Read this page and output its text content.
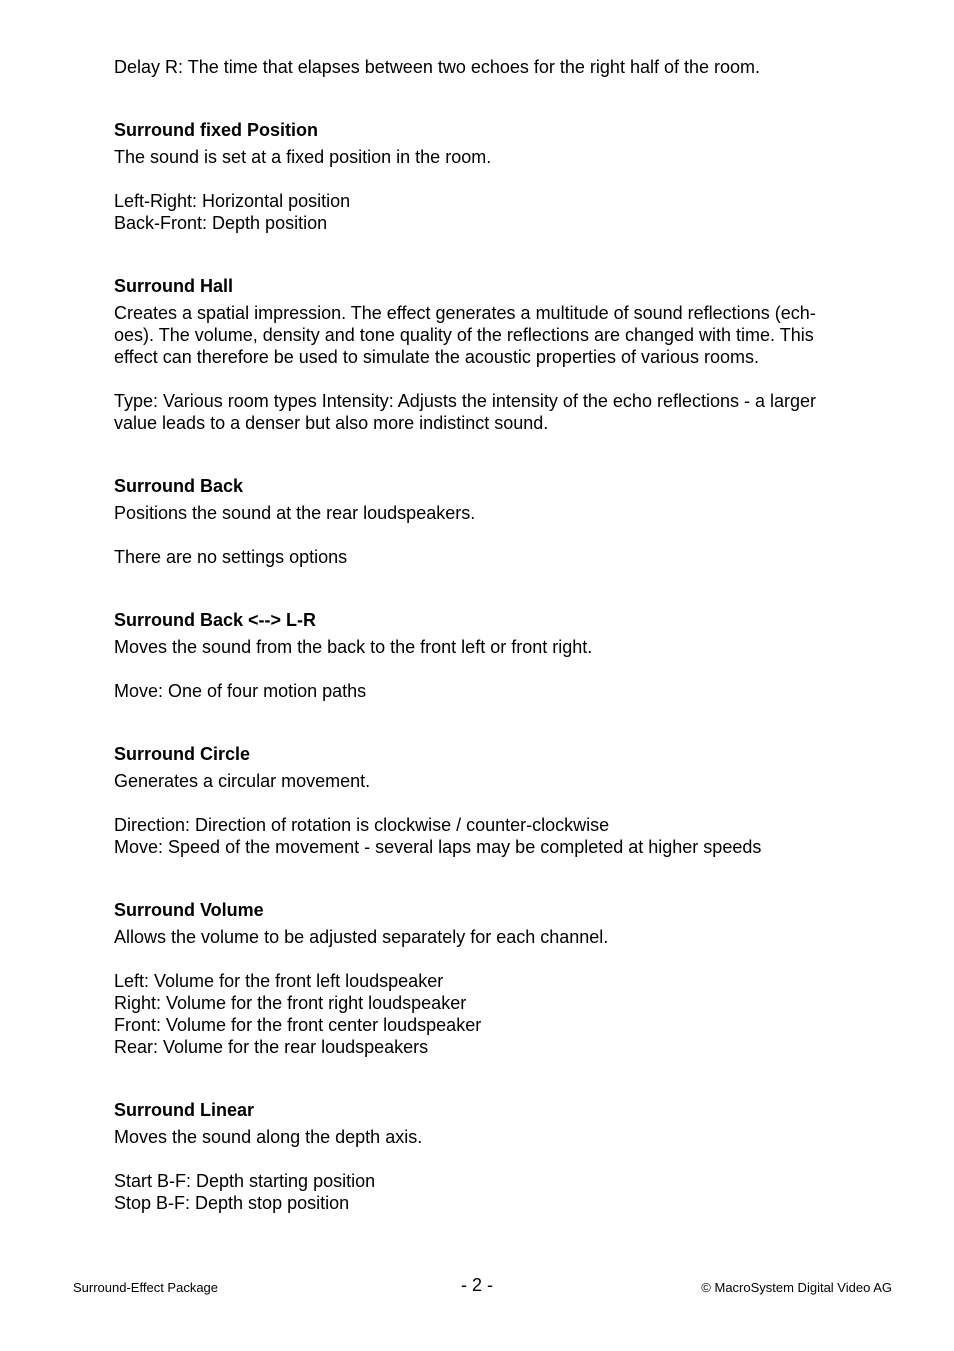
Delay R: The time that elapses between two echoes for the right half of the room.

Surround fixed Position

The sound is set at a fixed position in the room.

Left-Right: Horizontal position
Back-Front: Depth position
Surround Hall

Creates a spatial impression. The effect generates a multitude of sound reflections (ech-

oes). The volume, density and tone quality of the reflections are changed with time. This

effect can therefore be used to simulate the acoustic properties of various rooms.

Type: Various room types Intensity: Adjusts the intensity of the echo reflections - a larger
value leads to a denser but also more indistinct sound.
Surround Back

Positions the sound at the rear loudspeakers.

There are no settings options
Surround Back <--> L-R

Moves the sound from the back to the front left or front right.

Move: One of four motion paths
Surround Circle

Generates a circular movement.

Direction: Direction of rotation is clockwise / counter-clockwise
Move: Speed of the movement - several laps may be completed at higher speeds
Surround Volume

Allows the volume to be adjusted separately for each channel.

Left: Volume for the front left loudspeaker
Right: Volume for the front right loudspeaker
Front: Volume for the front center loudspeaker
Rear: Volume for the rear loudspeakers
Surround Linear

Moves the sound along the depth axis.

Start B-F: Depth starting position
Stop B-F: Depth stop position
Surround-Effect Package	- 2 -	© MacroSystem Digital Video AG
